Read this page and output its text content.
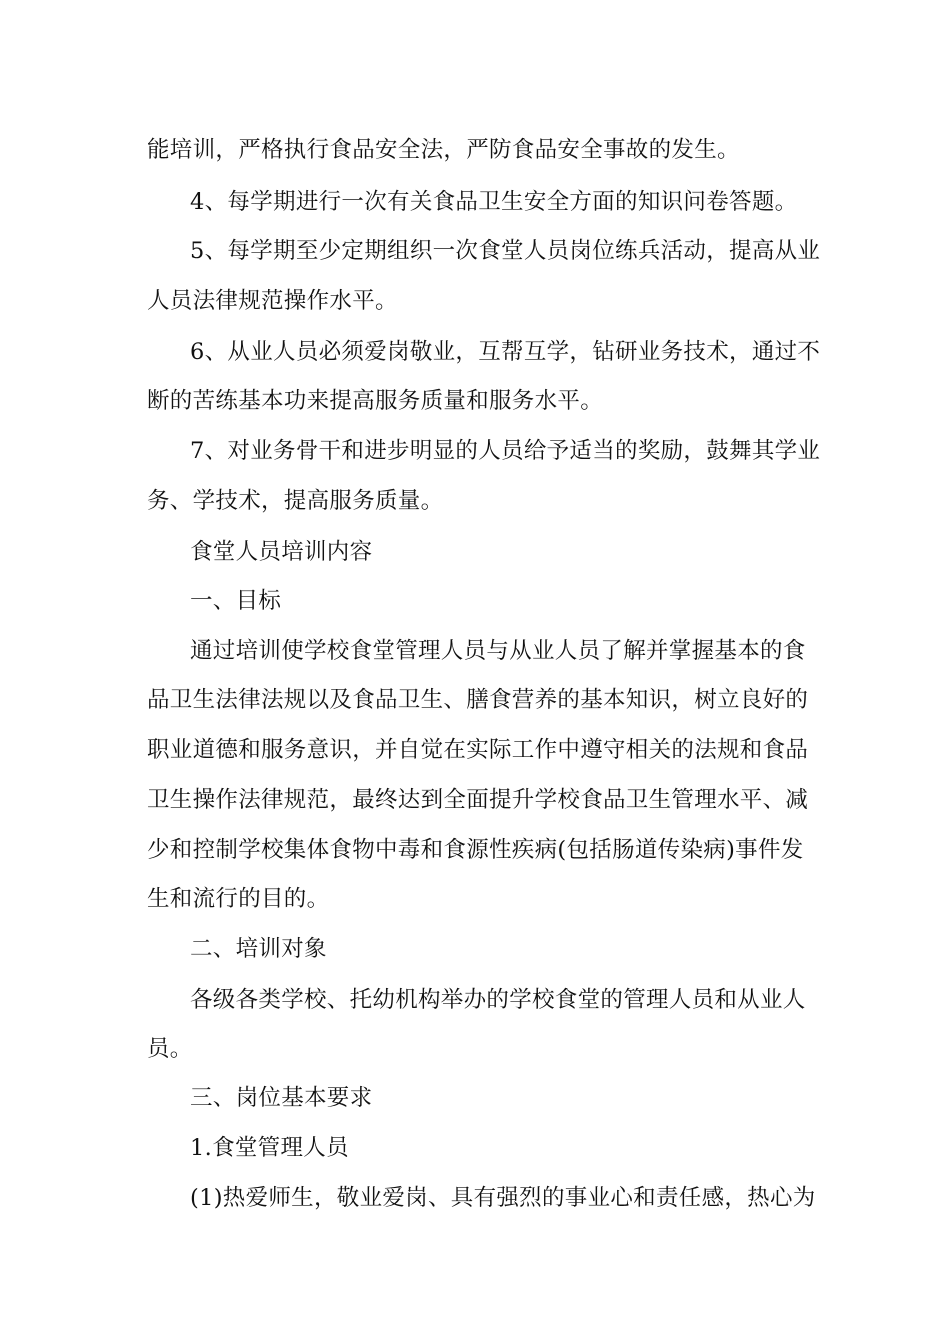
能培训，严格执行食品安全法，严防食品安全事故的发生。
4、每学期进行一次有关食品卫生安全方面的知识问卷答题。
5、每学期至少定期组织一次食堂人员岗位练兵活动，提高从业
人员法律规范操作水平。
6、从业人员必须爱岗敬业，互帮互学，钻研业务技术，通过不
断的苦练基本功来提高服务质量和服务水平。
7、对业务骨干和进步明显的人员给予适当的奖励，鼓舞其学业
务、学技术，提高服务质量。
食堂人员培训内容
一、目标
通过培训使学校食堂管理人员与从业人员了解并掌握基本的食
品卫生法律法规以及食品卫生、膳食营养的基本知识，树立良好的
职业道德和服务意识，并自觉在实际工作中遵守相关的法规和食品
卫生操作法律规范，最终达到全面提升学校食品卫生管理水平、减
少和控制学校集体食物中毒和食源性疾病(包括肠道传染病)事件发
生和流行的目的。
二、培训对象
各级各类学校、托幼机构举办的学校食堂的管理人员和从业人
员。
三、岗位基本要求
1.食堂管理人员
(1)热爱师生，敬业爱岗、具有强烈的事业心和责任感，热心为
